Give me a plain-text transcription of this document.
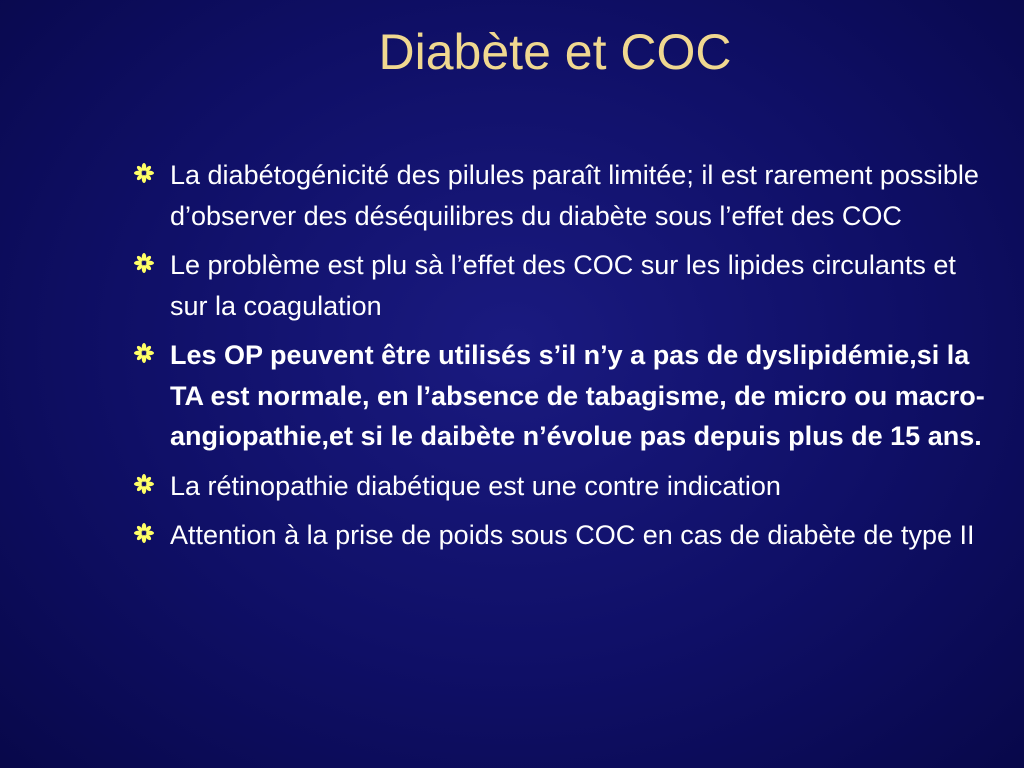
Diabète et COC
La diabétogénicité des pilules paraît limitée; il est rarement possible d’observer des déséquilibres du diabète sous l’effet des COC
Le problème est plu sà l’effet des COC sur les lipides circulants et sur la coagulation
Les OP peuvent être utilisés s’il n’y a pas de dyslipidémie,si la TA est normale, en l’absence de tabagisme, de micro ou macro-angiopathie,et si le daibète n’évolue pas depuis plus de 15 ans.
La rétinopathie diabétique est une contre indication
Attention à la prise de poids sous COC en cas de diabète de type II
